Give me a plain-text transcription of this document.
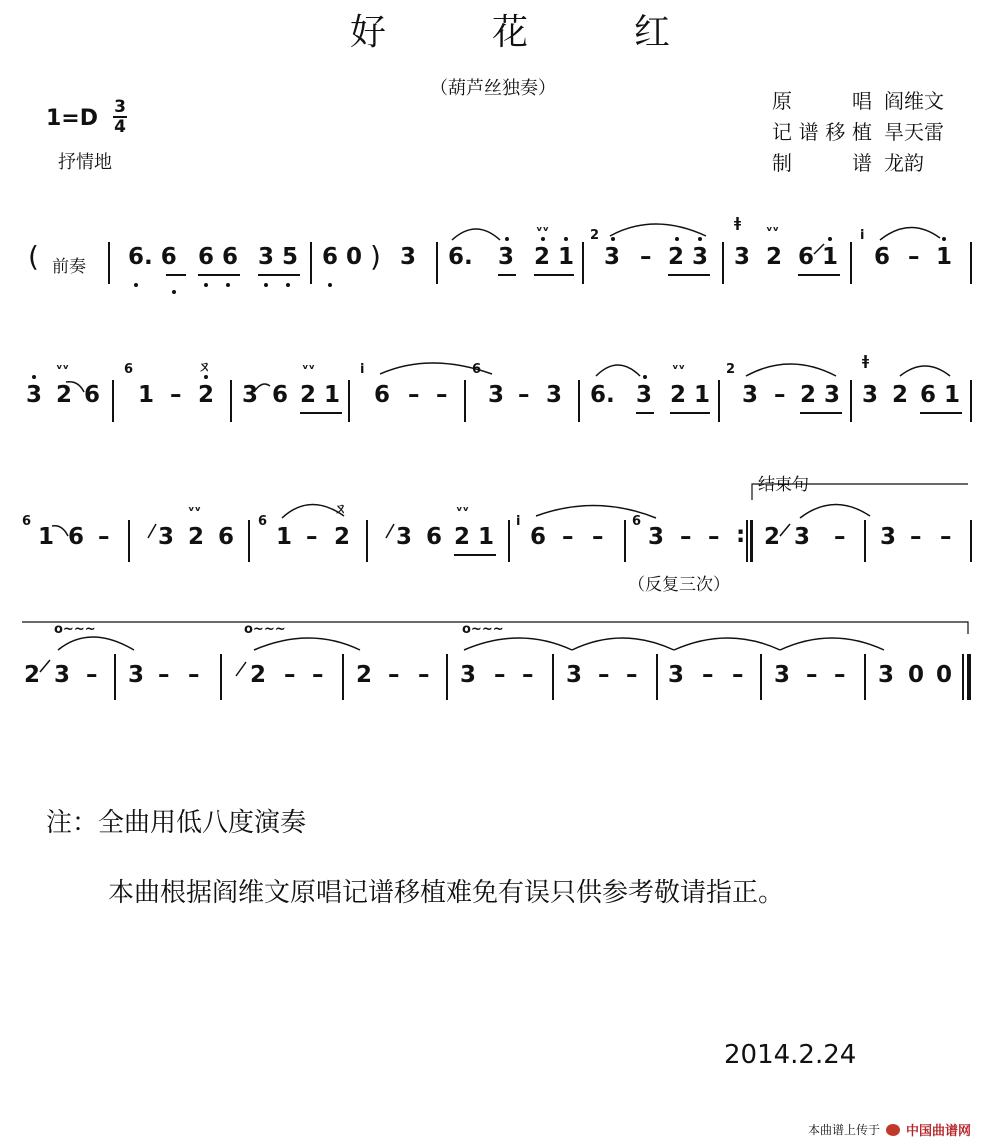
好	花	红
（葫芦丝独奏）
1=D 3
4
抒情地
原	唱 阎维文
记 谱 移 植 旱天雷
制	谱 龙韵
( 前奏 6. 6 6 6 3 5 6 0 ) 3 6. 3 2 1
ᵥᵥ
2
3 – 2 3 3
ǂ
2
ᵥᵥ
6 1
i
6 – 1
3 2 6
ᵥᵥ	6
1 – 2
ㄡ
3 6 2 1
ᵥᵥ	i
6 – –
6
3 – 3 6. 3 2 1
ᵥᵥ	2
3 – 2 3 3
ǂ
2 6 1
结束句
6
1 6 – 3 2
ᵥᵥ
6
6
1 – 2
ㄡ
3 6 2 1
ᵥᵥ
i
6 – –
6
3 – – :
（反复三次）
2 3 – 3 – –
2 3 – 3 – – 2 – – 2 – – 3 – – 3 – – 3 – – 3 – – 3 0 0
o~~~	o~~~	o~~~
注：全曲用低八度演奏
本曲根据阎维文原唱记谱移植难免有误只供参考敬请指正。
2014.2.24
本曲谱上传于 中国曲谱网
